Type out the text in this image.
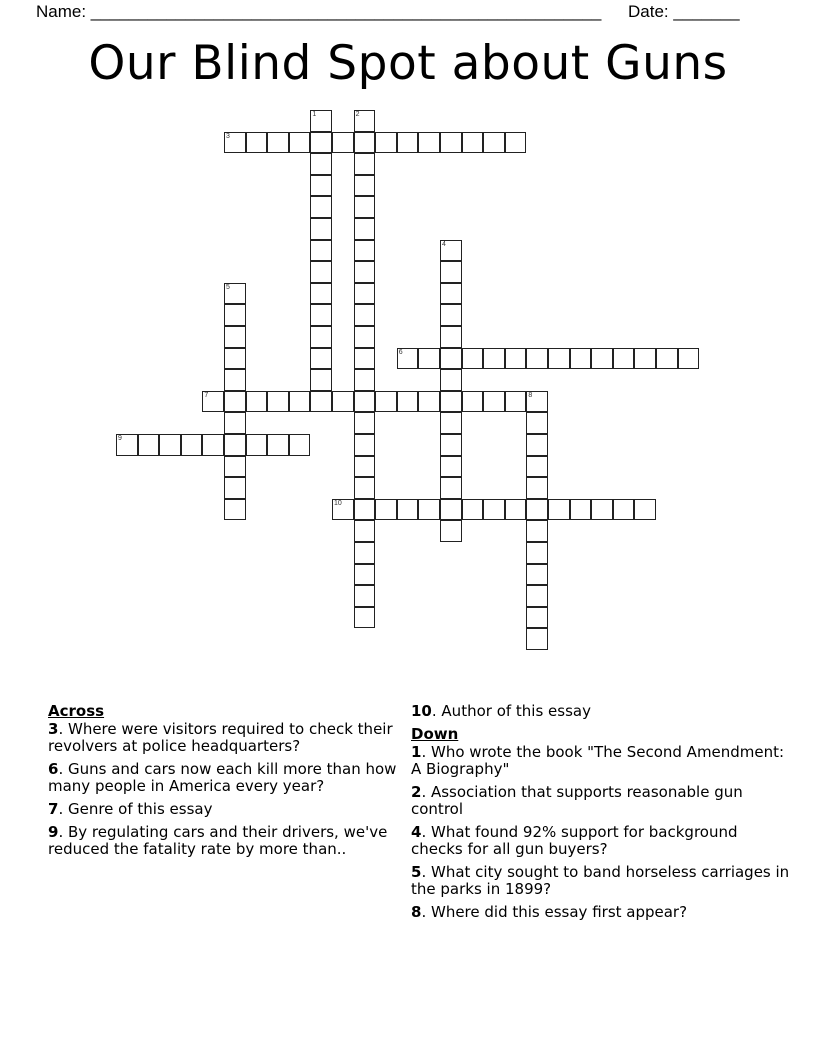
Name: ______________________________________________________ Date: _______
Our Blind Spot about Guns
1	2
3
4
5
6
7	8
9
10
Across
3. Where were visitors required to check their revolvers at police headquarters?
6. Guns and cars now each kill more than how many people in America every year?
7. Genre of this essay
9. By regulating cars and their drivers, we've reduced the fatality rate by more than..
10. Author of this essay
Down
1. Who wrote the book "The Second Amendment: A Biography"
2. Association that supports reasonable gun control
4. What found 92% support for background checks for all gun buyers?
5. What city sought to band horseless carriages in the parks in 1899?
8. Where did this essay first appear?
